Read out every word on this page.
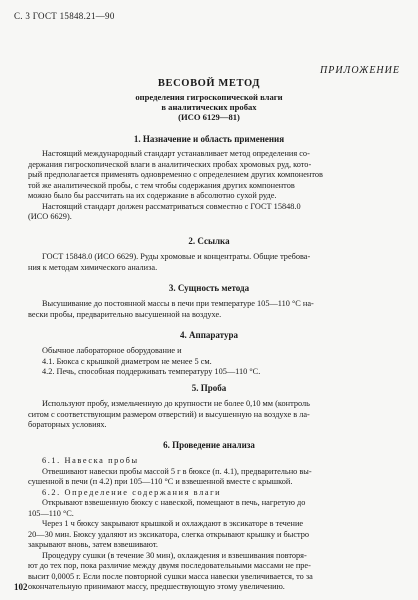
С. 3 ГОСТ 15848.21—90
ПРИЛОЖЕНИЕ
ВЕСОВОЙ МЕТОД
определения гигроскопической влаги
в аналитических пробах
(ИСО 6129—81)
1. Назначение и область применения
Настоящий международный стандарт устанавливает метод определения со-
держания гигроскопической влаги в аналитических пробах хромовых руд, кото-
рый предполагается применять одновременно с определением других компонентов
той же аналитической пробы, с тем чтобы содержания других компонентов
можно было бы рассчитать на их содержание в абсолютно сухой руде.
Настоящий стандарт должен рассматриваться совместно с ГОСТ 15848.0
(ИСО 6629).
2. Ссылка
ГОСТ 15848.0 (ИСО 6629). Руды хромовые и концентраты. Общие требова-
ния к методам химического анализа.
3. Сущность метода
Высушивание до постоянной массы в печи при температуре 105—110 °С на-
вески пробы, предварительно высушенной на воздухе.
4. Аппаратура
Обычное лабораторное оборудование и
4.1. Бюкса с крышкой диаметром не менее 5 см.
4.2. Печь, способная поддерживать температуру 105—110 °С.
5. Проба
Используют пробу, измельченную до крупности не более 0,10 мм (контроль
ситом с соответствующим размером отверстий) и высушенную на воздухе в ла-
бораторных условиях.
6. Проведение анализа
6.1. Навеска пробы
Отвешивают навески пробы массой 5 г в бюксе (п. 4.1), предварительно вы-
сушенной в печи (п 4.2) при 105—110 °С и взвешенной вместе с крышкой.
6.2. Определение содержания влаги
Открывают взвешенную бюксу с навеской, помещают в печь, нагретую до
105—110 °С.
Через 1 ч бюксу закрывают крышкой и охлаждают в эксикаторе в течение
20—30 мин. Бюксу удаляют из эксикатора, слегка открывают крышку и быстро
закрывают вновь, затем взвешивают.
Процедуру сушки (в течение 30 мин), охлаждения и взвешивания повторя-
ют до тех пор, пока различие между двумя последовательными массами не пре-
высит 0,0005 г. Если после повторной сушки масса навески увеличивается, то за
окончательную принимают массу, предшествующую этому увеличению.
102
